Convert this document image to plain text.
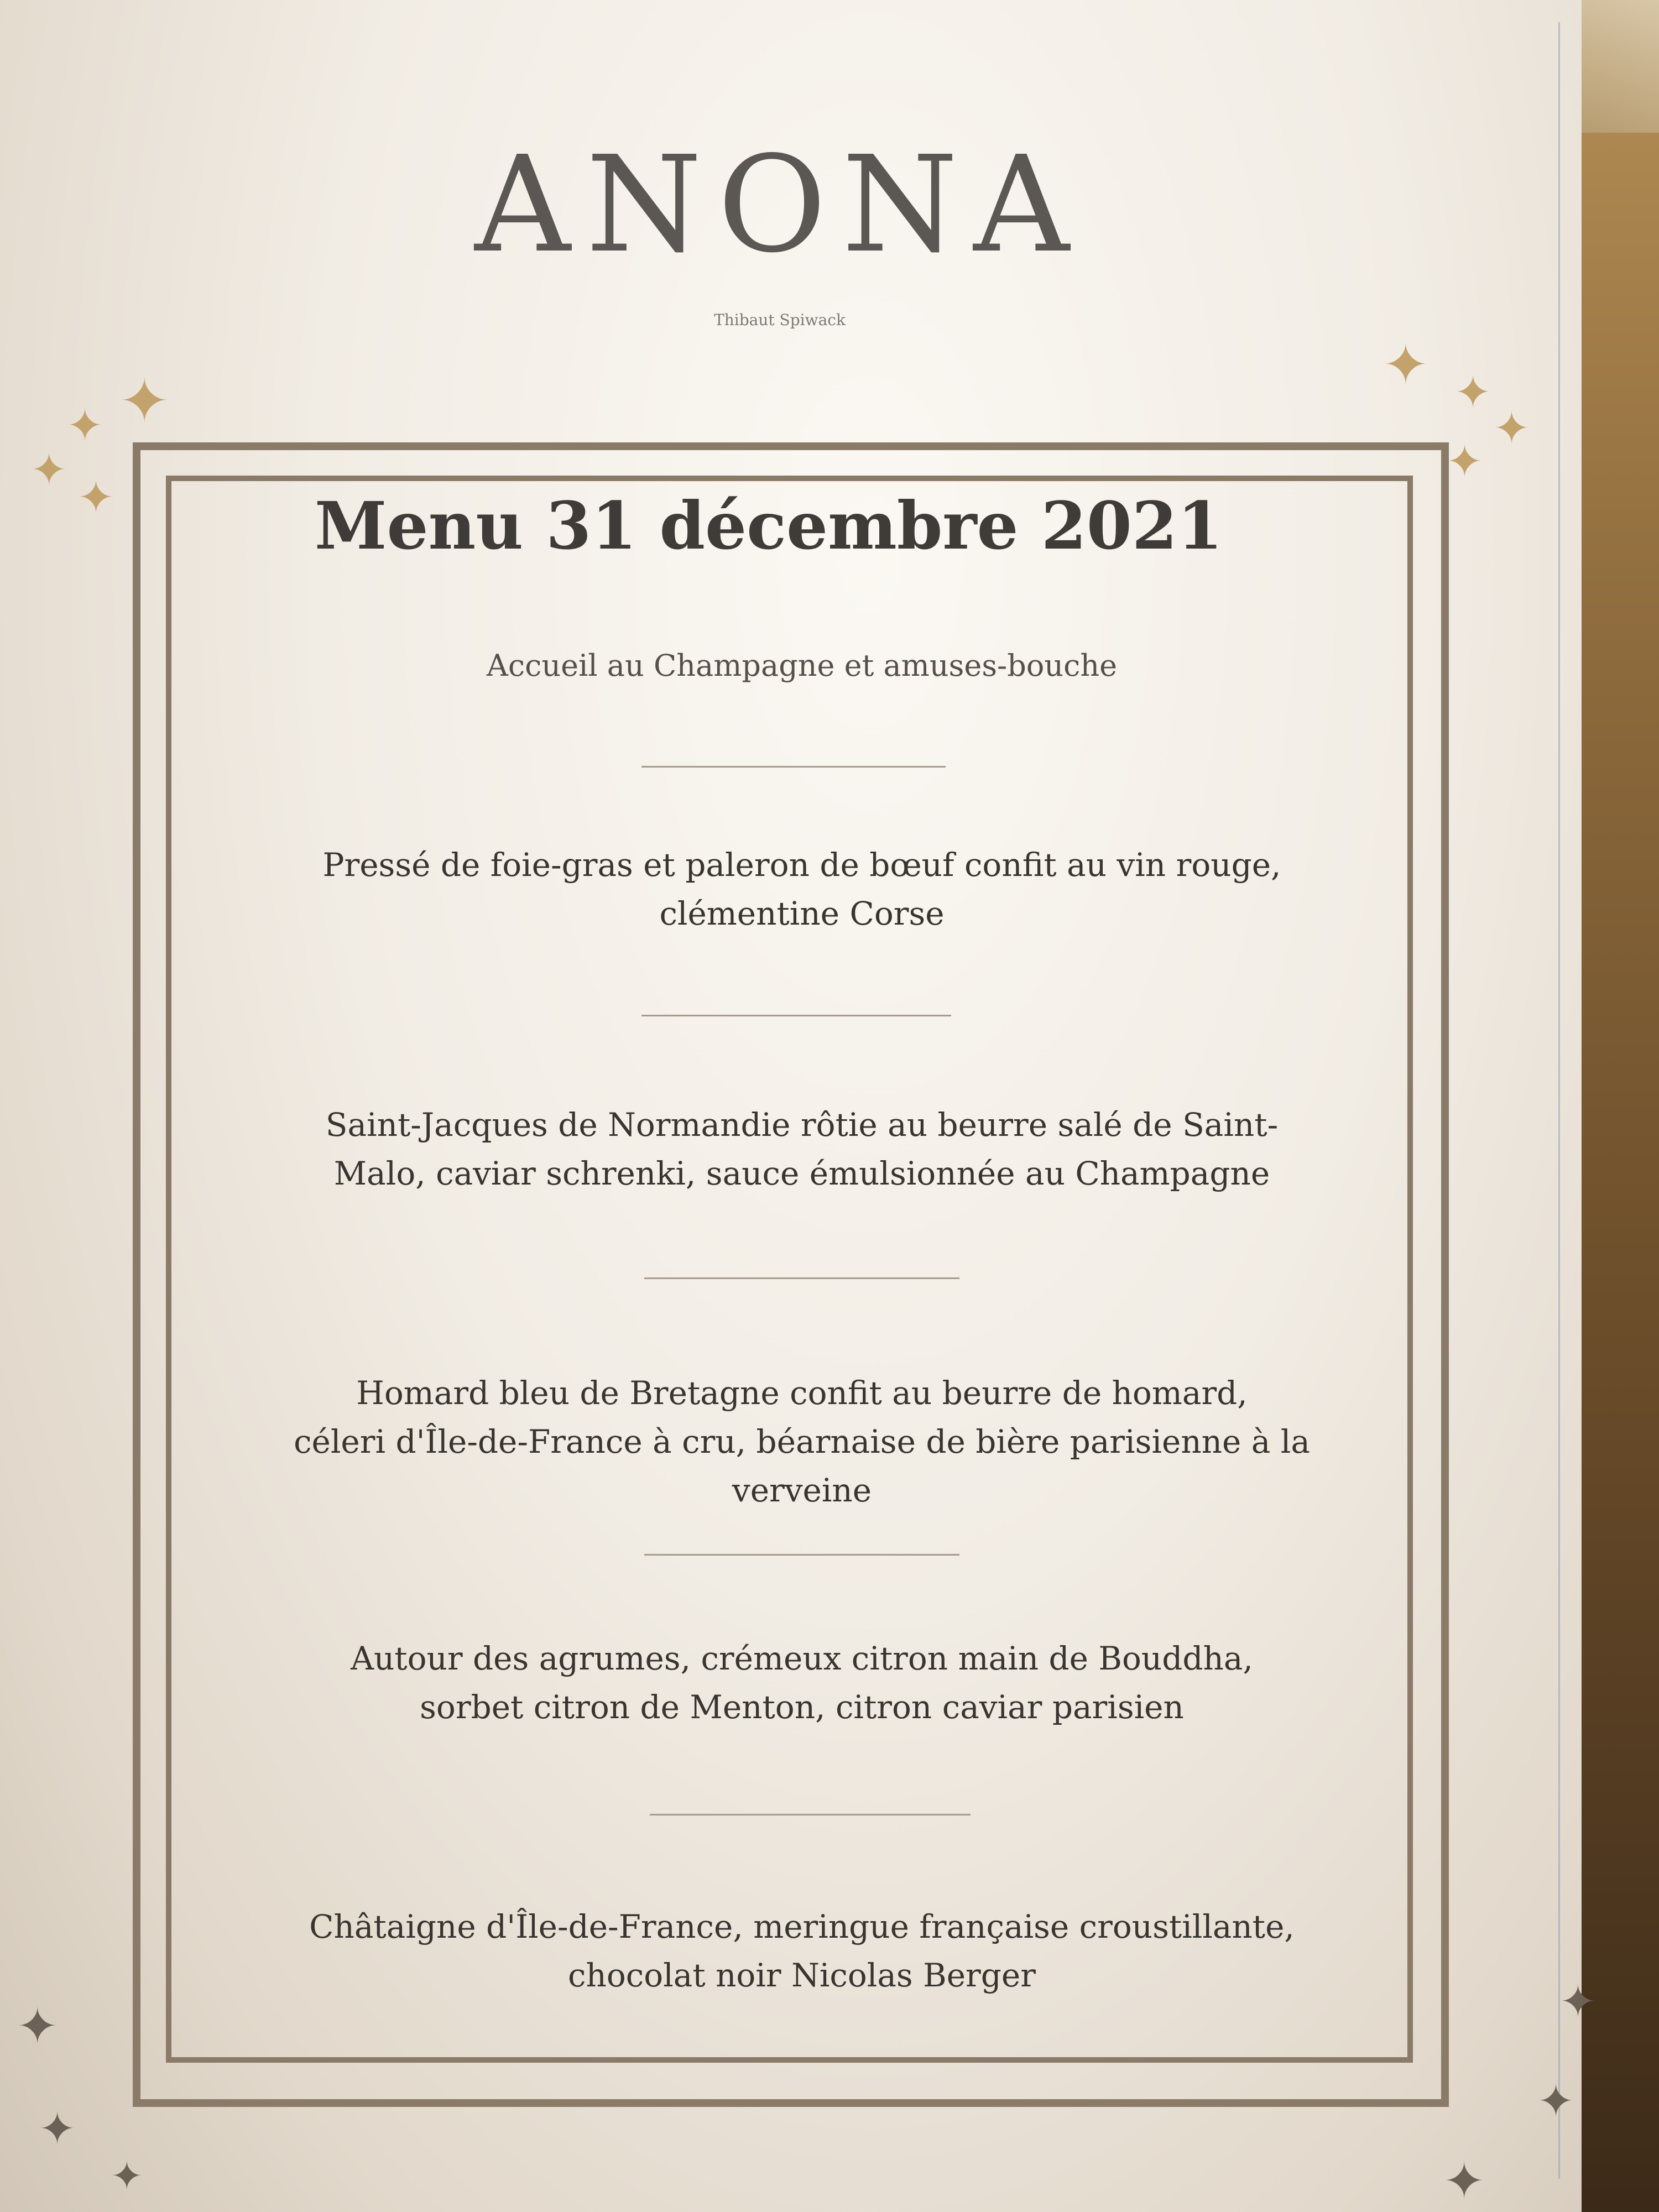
ANONA
Thibaut Spiwack
✦
✦
✦
✦
✦ ✦
✦
✦
✦
✦
✦
✦
✦
✦
Menu 31 décembre 2021
Accueil au Champagne et amuses-bouche
Pressé de foie-gras et paleron de bœuf confit au vin rouge,
clémentine Corse
Saint-Jacques de Normandie rôtie au beurre salé de Saint-
Malo, caviar schrenki, sauce émulsionnée au Champagne
Homard bleu de Bretagne confit au beurre de homard,
céleri d'Île-de-France à cru, béarnaise de bière parisienne à la verveine
Autour des agrumes, crémeux citron main de Bouddha,
sorbet citron de Menton, citron caviar parisien
Châtaigne d'Île-de-France, meringue française croustillante,
chocolat noir Nicolas Berger
